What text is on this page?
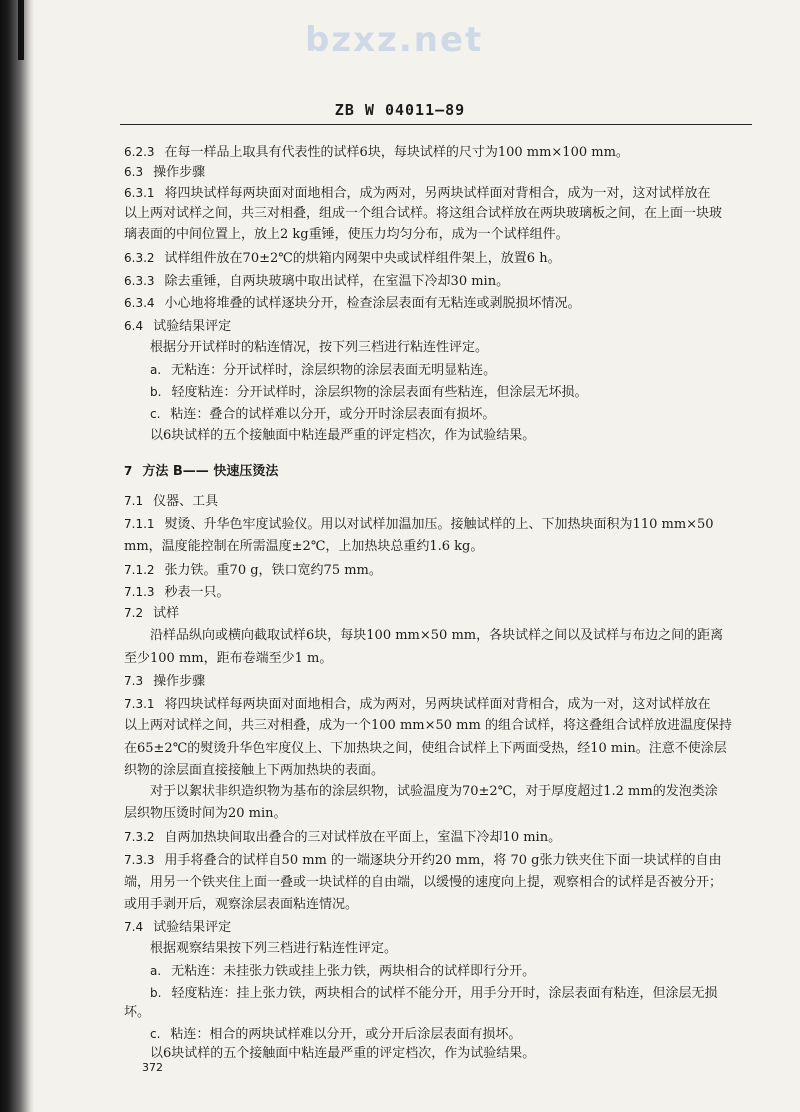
bzxz.net
ZB W 04011—89
6.2.3 在每一样品上取具有代表性的试样6块，每块试样的尺寸为100 mm×100 mm。
6.3 操作步骤
6.3.1 将四块试样每两块面对面地相合，成为两对，另两块试样面对背相合，成为一对，这对试样放在
以上两对试样之间，共三对相叠，组成一个组合试样。将这组合试样放在两块玻璃板之间，在上面一块玻
璃表面的中间位置上，放上2 kg重锤，使压力均匀分布，成为一个试样组件。
6.3.2 试样组件放在70±2℃的烘箱内网架中央或试样组件架上，放置6 h。
6.3.3 除去重锤，自两块玻璃中取出试样，在室温下冷却30 min。
6.3.4 小心地将堆叠的试样逐块分开，检查涂层表面有无粘连或剥脱损坏情况。
6.4 试验结果评定
根据分开试样时的粘连情况，按下列三档进行粘连性评定。
a. 无粘连：分开试样时，涂层织物的涂层表面无明显粘连。
b. 轻度粘连：分开试样时，涂层织物的涂层表面有些粘连，但涂层无坏损。
c. 粘连：叠合的试样难以分开，或分开时涂层表面有损坏。
以6块试样的五个接触面中粘连最严重的评定档次，作为试验结果。
7 方法 B—— 快速压烫法
7.1 仪器、工具
7.1.1 熨烫、升华色牢度试验仪。用以对试样加温加压。接触试样的上、下加热块面积为110 mm×50
mm，温度能控制在所需温度±2℃，上加热块总重约1.6 kg。
7.1.2 张力铁。重70 g，铁口宽约75 mm。
7.1.3 秒表一只。
7.2 试样
沿样品纵向或横向截取试样6块，每块100 mm×50 mm，各块试样之间以及试样与布边之间的距离
至少100 mm，距布卷端至少1 m。
7.3 操作步骤
7.3.1 将四块试样每两块面对面地相合，成为两对，另两块试样面对背相合，成为一对，这对试样放在
以上两对试样之间，共三对相叠，成为一个100 mm×50 mm 的组合试样，将这叠组合试样放进温度保持
在65±2℃的熨烫升华色牢度仪上、下加热块之间，使组合试样上下两面受热，经10 min。注意不使涂层
织物的涂层面直接接触上下两加热块的表面。
对于以絮状非织造织物为基布的涂层织物，试验温度为70±2℃，对于厚度超过1.2 mm的发泡类涂
层织物压烫时间为20 min。
7.3.2 自两加热块间取出叠合的三对试样放在平面上，室温下冷却10 min。
7.3.3 用手将叠合的试样自50 mm 的一端逐块分开约20 mm，将 70 g张力铁夹住下面一块试样的自由
端，用另一个铁夹住上面一叠或一块试样的自由端，以缓慢的速度向上提，观察相合的试样是否被分开；
或用手剥开后，观察涂层表面粘连情况。
7.4 试验结果评定
根据观察结果按下列三档进行粘连性评定。
a. 无粘连：未挂张力铁或挂上张力铁，两块相合的试样即行分开。
b. 轻度粘连：挂上张力铁，两块相合的试样不能分开，用手分开时，涂层表面有粘连，但涂层无损
坏。
c. 粘连：相合的两块试样难以分开，或分开后涂层表面有损坏。
以6块试样的五个接触面中粘连最严重的评定档次，作为试验结果。
372
